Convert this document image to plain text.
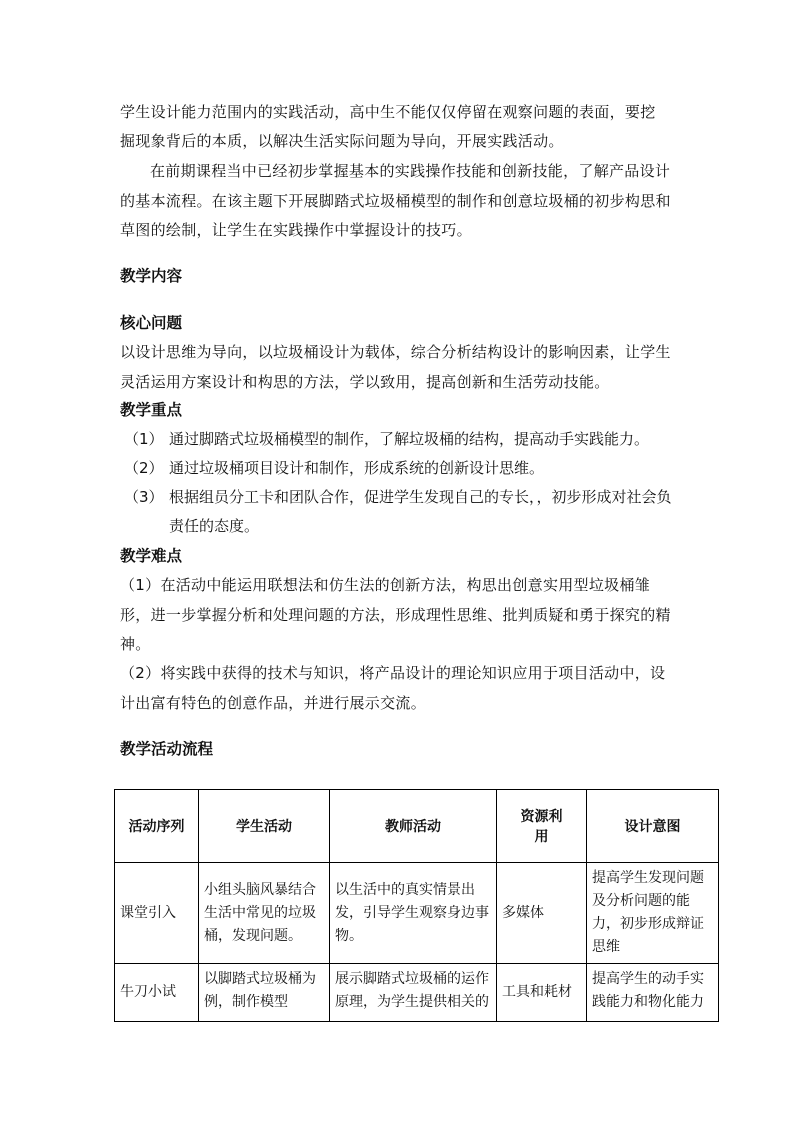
学生设计能力范围内的实践活动，高中生不能仅仅停留在观察问题的表面，要挖

掘现象背后的本质，以解决生活实际问题为导向，开展实践活动。

在前期课程当中已经初步掌握基本的实践操作技能和创新技能，了解产品设计的基本流程。在该主题下开展脚踏式垃圾桶模型的制作和创意垃圾桶的初步构思和草图的绘制，让学生在实践操作中掌握设计的技巧。

教学内容
核心问题

以设计思维为导向，以垃圾桶设计为载体，综合分析结构设计的影响因素，让学生灵活运用方案设计和构思的方法，学以致用，提高创新和生活劳动技能。

教学重点
（1） 通过脚踏式垃圾桶模型的制作，了解垃圾桶的结构，提高动手实践能力。
（2） 通过垃圾桶项目设计和制作，形成系统的创新设计思维。
（3） 根据组员分工卡和团队合作，促进学生发现自己的专长，，初步形成对社会负责任的态度。
教学难点

（1）在活动中能运用联想法和仿生法的创新方法，构思出创意实用型垃圾桶雏形，进一步掌握分析和处理问题的方法，形成理性思维、批判质疑和勇于探究的精神。

（2）将实践中获得的技术与知识，将产品设计的理论知识应用于项目活动中，设计出富有特色的创意作品，并进行展示交流。

教学活动流程
活动序列	学生活动	教师活动	资源利用	设计意图
课堂引入	小组头脑风暴结合生活中常见的垃圾桶，发现问题。	以生活中的真实情景出发，引导学生观察身边事物。	多媒体	提高学生发现问题及分析问题的能力，初步形成辩证思维
牛刀小试	以脚踏式垃圾桶为例，制作模型	展示脚踏式垃圾桶的运作原理，为学生提供相关的	工具和耗材	提高学生的动手实践能力和物化能力
